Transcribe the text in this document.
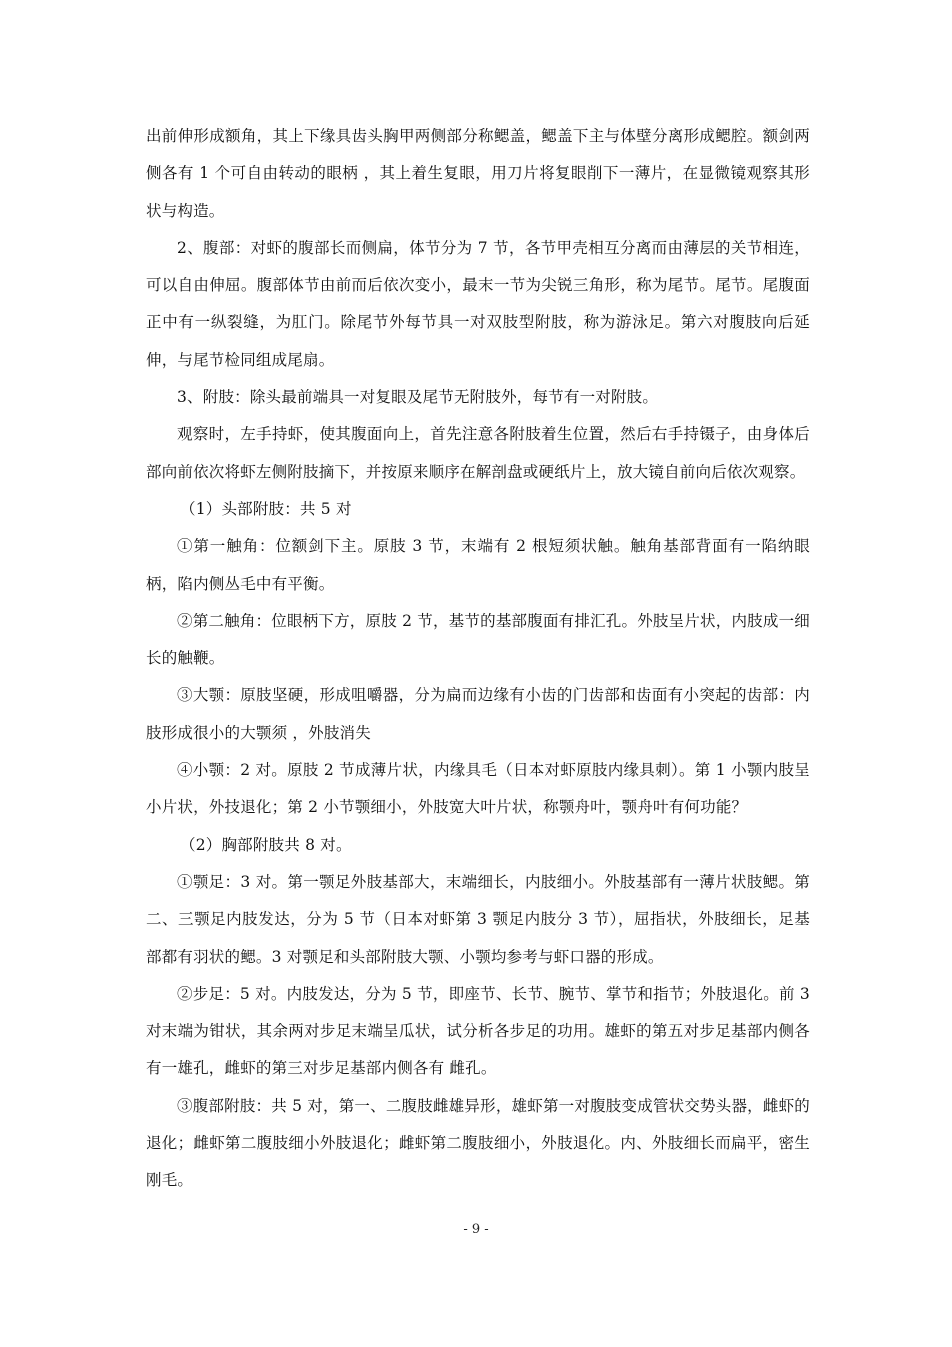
出前伸形成额角，其上下缘具齿头胸甲两侧部分称鳃盖，鳃盖下主与体壁分离形成鳃腔。额剑两侧各有 1 个可自由转动的眼柄 ，其上着生复眼，用刀片将复眼削下一薄片，在显微镜观察其形状与构造。

2、腹部：对虾的腹部长而侧扁，体节分为 7 节，各节甲壳相互分离而由薄层的关节相连，可以自由伸屈。腹部体节由前而后依次变小，最末一节为尖锐三角形，称为尾节。尾节。尾腹面正中有一纵裂缝，为肛门。除尾节外每节具一对双肢型附肢，称为游泳足。第六对腹肢向后延伸，与尾节检同组成尾扇。

3、附肢：除头最前端具一对复眼及尾节无附肢外，每节有一对附肢。

观察时，左手持虾，使其腹面向上，首先注意各附肢着生位置，然后右手持镊子，由身体后部向前依次将虾左侧附肢摘下，并按原来顺序在解剖盘或硬纸片上，放大镜自前向后依次观察。

（1）头部附肢：共 5 对

①第一触角：位额剑下主。原肢 3 节，末端有 2 根短须状触。触角基部背面有一陷纳眼柄，陷内侧丛毛中有平衡。

②第二触角：位眼柄下方，原肢 2 节，基节的基部腹面有排汇孔。外肢呈片状，内肢成一细长的触鞭。

③大颚：原肢坚硬，形成咀嚼器，分为扁而边缘有小齿的门齿部和齿面有小突起的齿部：内肢形成很小的大颚须 ，外肢消失

④小颚：2 对。原肢 2 节成薄片状，内缘具毛（日本对虾原肢内缘具刺）。第 1 小颚内肢呈小片状，外技退化；第 2 小节颚细小，外肢宽大叶片状，称颚舟叶，颚舟叶有何功能？

（2）胸部附肢共 8 对。

①颚足：3 对。第一颚足外肢基部大，末端细长，内肢细小。外肢基部有一薄片状肢鳃。第二、三颚足内肢发达，分为 5 节（日本对虾第 3 颚足内肢分 3 节），屈指状，外肢细长，足基部都有羽状的鳃。3 对颚足和头部附肢大颚、小颚均参考与虾口器的形成。

②步足：5 对。内肢发达，分为 5 节，即座节、长节、腕节、掌节和指节；外肢退化。前 3 对末端为钳状，其余两对步足末端呈瓜状，试分析各步足的功用。雄虾的第五对步足基部内侧各有一雄孔，雌虾的第三对步足基部内侧各有 雌孔。

③腹部附肢：共 5 对，第一、二腹肢雌雄异形，雄虾第一对腹肢变成管状交势头器，雌虾的退化；雌虾第二腹肢细小外肢退化；雌虾第二腹肢细小，外肢退化。内、外肢细长而扁平，密生刚毛。

- 9 -
